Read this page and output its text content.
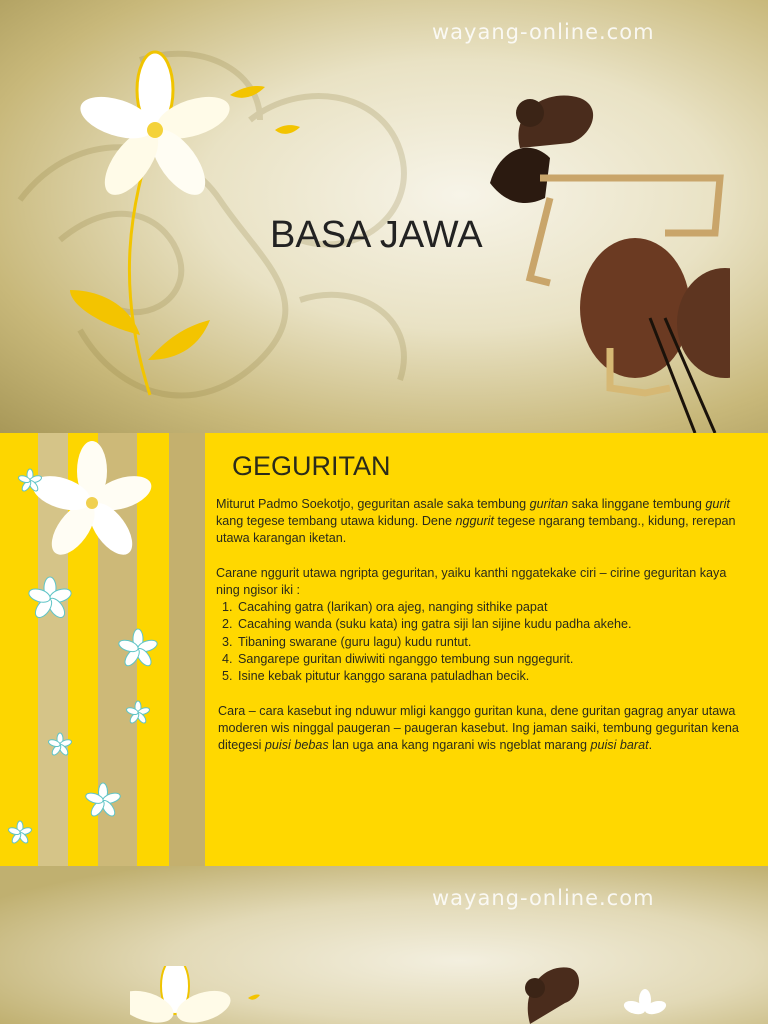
wayang-online.com
BASA JAWA
GEGURITAN

Miturut Padmo Soekotjo, geguritan asale saka tembung guritan saka linggane tembung gurit kang tegese tembang utawa kidung. Dene nggurit tegese ngarang tembang., kidung, rerepan utawa karangan iketan.

Carane nggurit utawa ngripta geguritan, yaiku kanthi nggatekake ciri – cirine geguritan kaya ning ngisor iki :

1. Cacahing gatra (larikan) ora ajeg, nanging sithike papat
2. Cacahing wanda (suku kata) ing gatra siji lan sijine kudu padha akehe.
3. Tibaning swarane (guru lagu) kudu runtut.
4. Sangarepe guritan diwiwiti nganggo tembung sun nggegurit.
5. Isine kebak pitutur kanggo sarana patuladhan becik.

Cara – cara kasebut ing nduwur mligi kanggo guritan kuna, dene guritan gagrag anyar utawa moderen wis ninggal paugeran – paugeran kasebut. Ing jaman saiki, tembung geguritan kena ditegesi puisi bebas lan uga ana kang ngarani wis ngeblat marang puisi barat.

wayang-online.com
